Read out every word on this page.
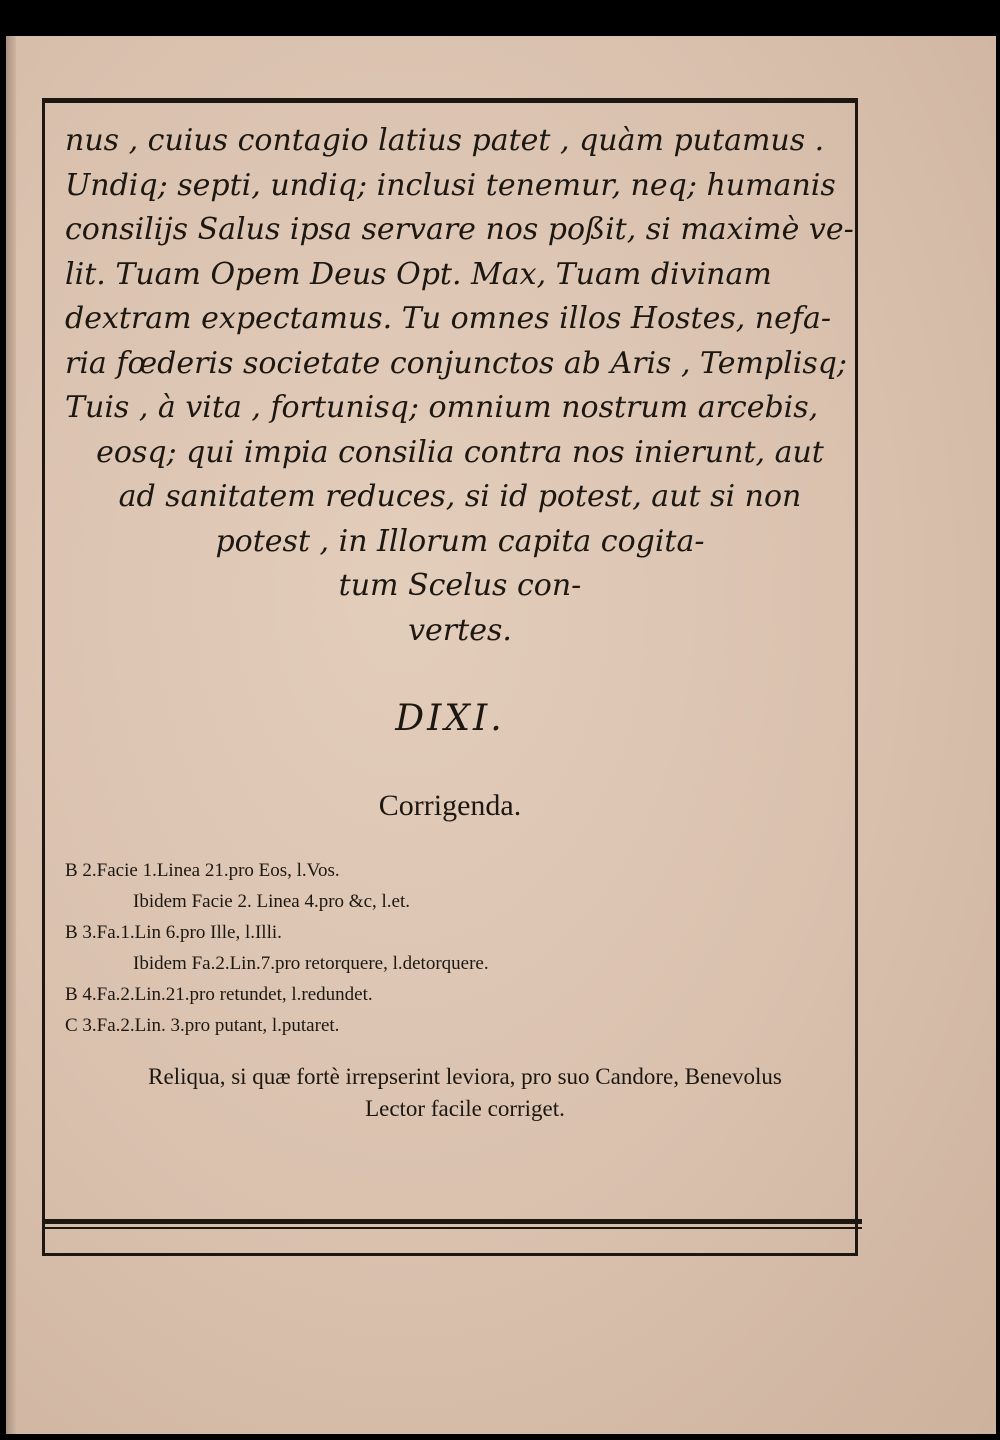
nus , cuius contagio latius patet , quàm putamus .
Undiq; septi, undiq; inclusi tenemur, neq; humanis
consilijs Salus ipsa servare nos poßit, si maximè ve-
lit. Tuam Opem Deus Opt. Max, Tuam divinam
dextram expectamus. Tu omnes illos Hostes, nefa-
ria fœderis societate conjunctos ab Aris , Templisq;
Tuis , à vita , fortunisq; omnium nostrum arcebis,
eosq; qui impia consilia contra nos inierunt, aut
ad sanitatem reduces, si id potest, aut si non
potest , in Illorum capita cogita-
tum Scelus con-
vertes.
DIXI.
Corrigenda.
B 2.Facie 1.Linea 21.pro Eos, l.Vos.
Ibidem Facie 2. Linea 4.pro &c, l.et.
B 3.Fa.1.Lin 6.pro Ille, l.Illi.
Ibidem Fa.2.Lin.7.pro retorquere, l.detorquere.
B 4.Fa.2.Lin.21.pro retundet, l.redundet.
C 3.Fa.2.Lin. 3.pro putant, l.putaret.
Reliqua, si quæ fortè irrepserint leviora, pro suo Candore, Benevolus Lector facile corriget.
